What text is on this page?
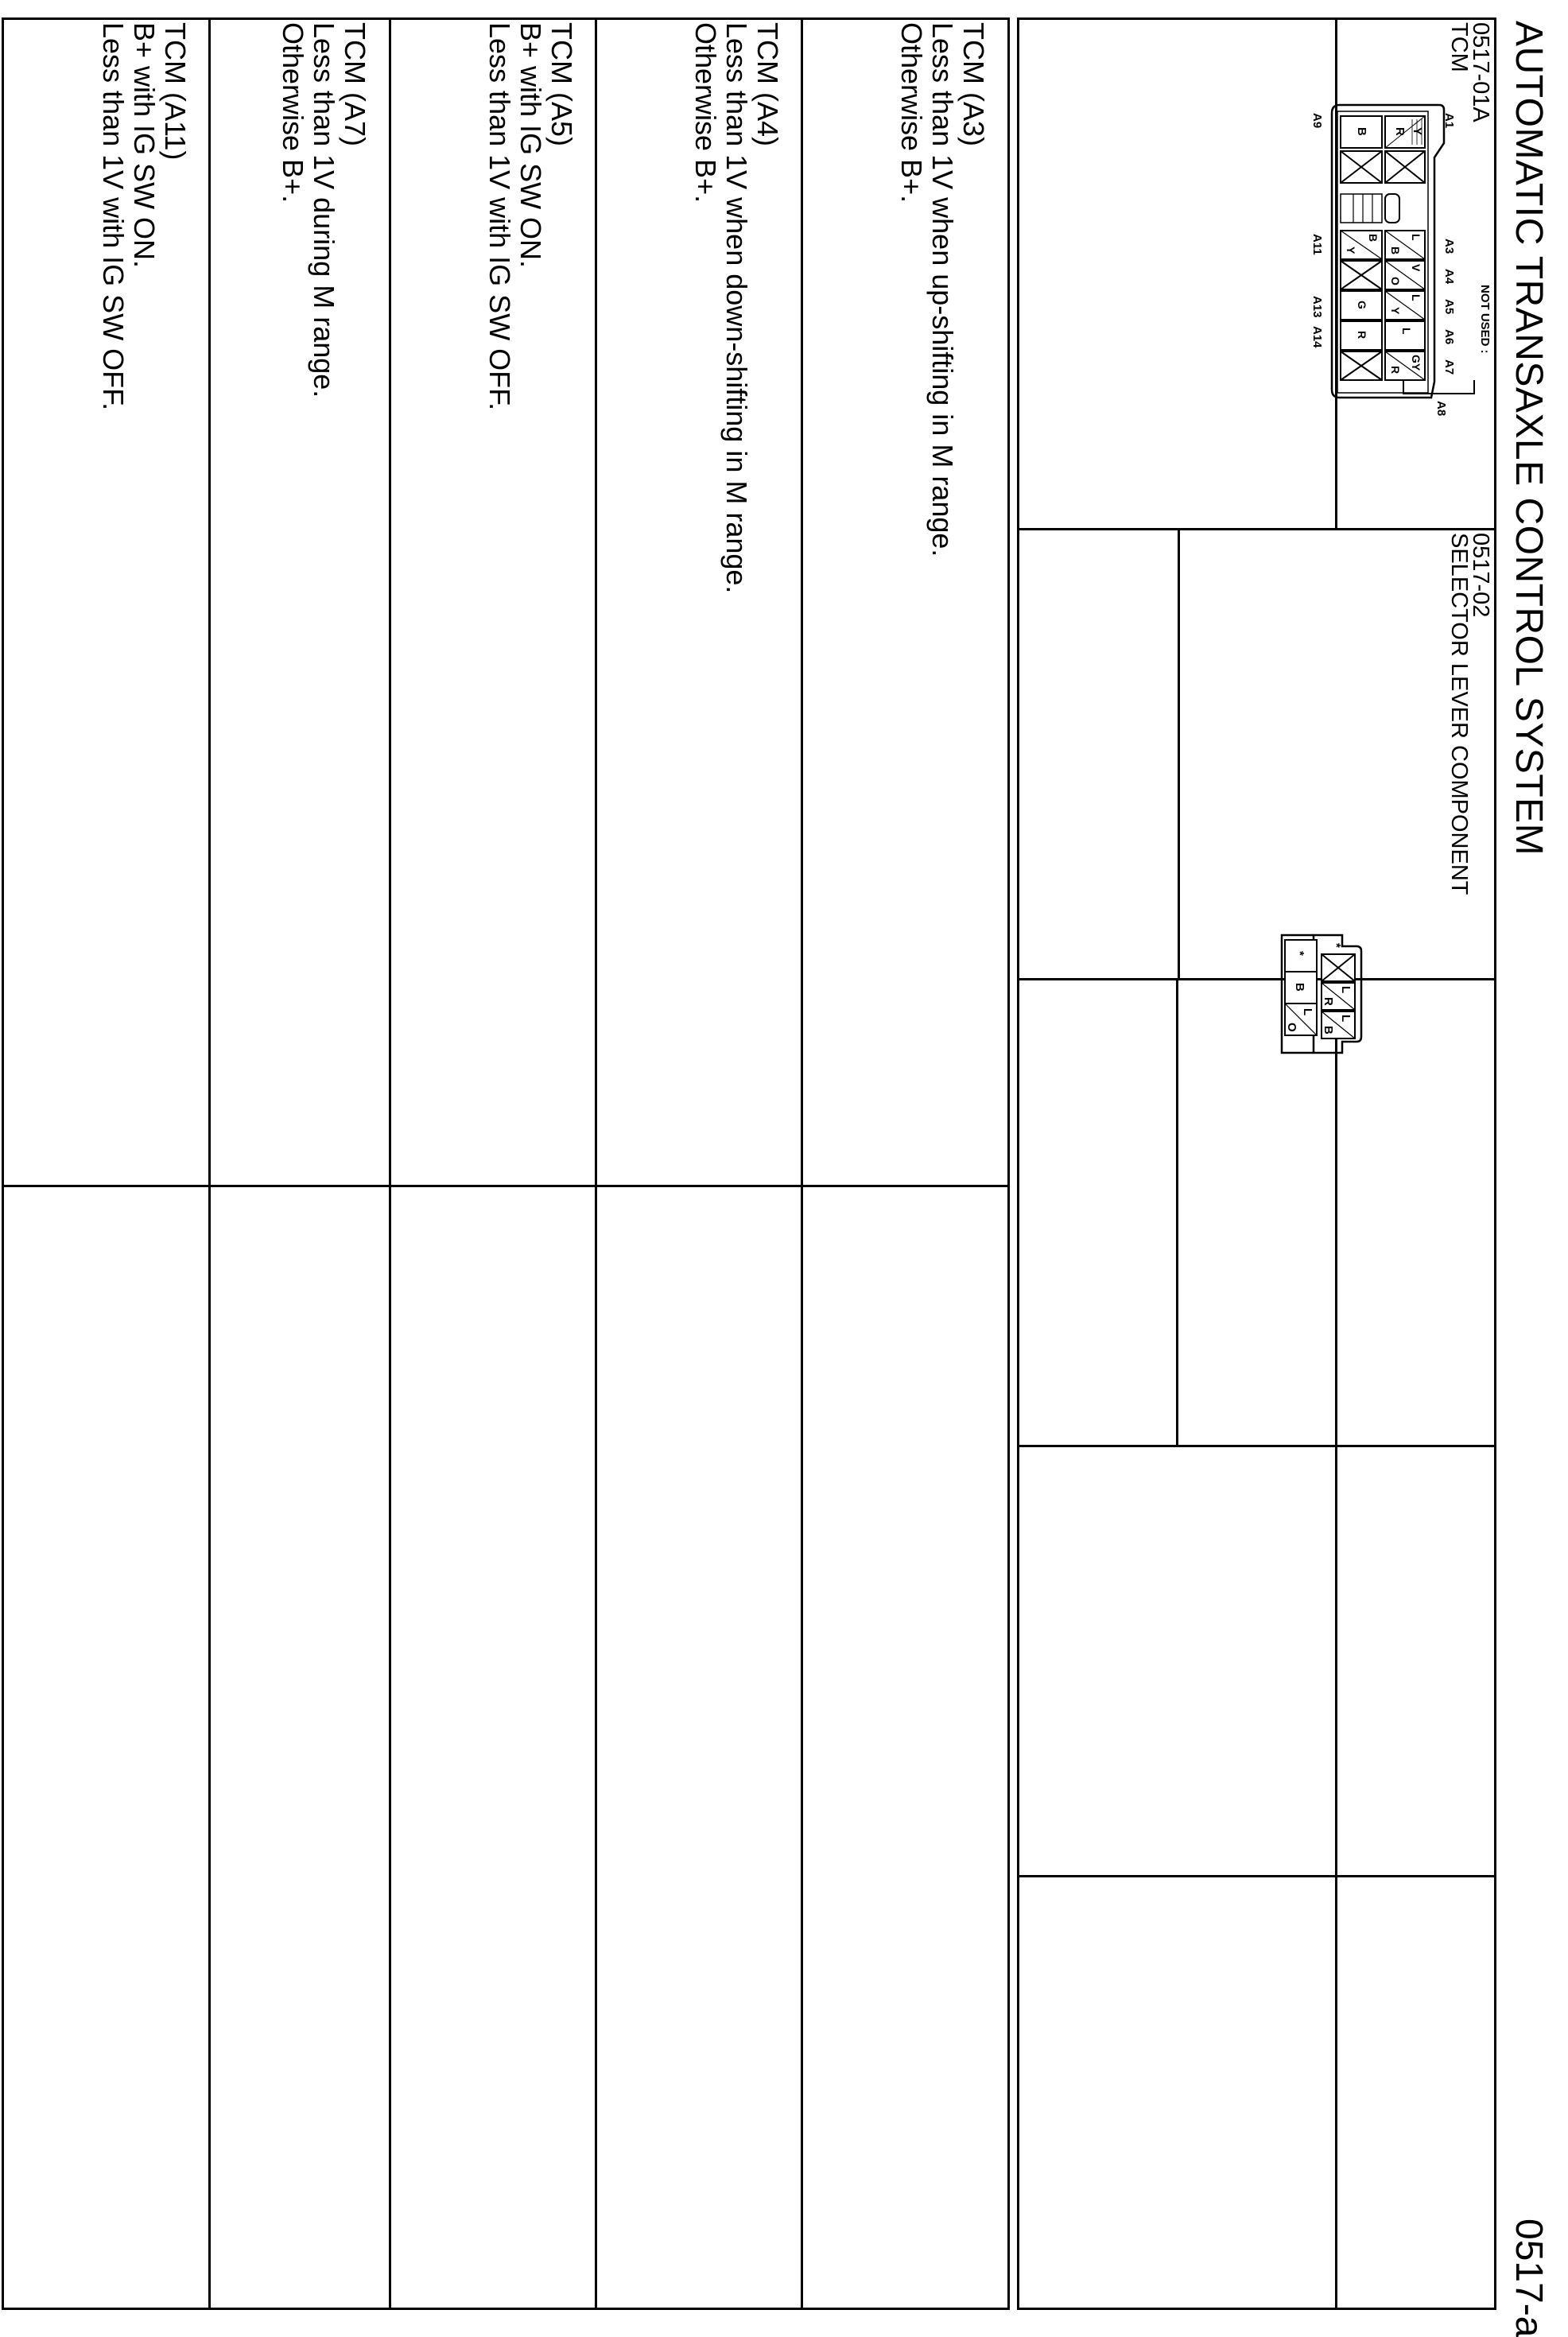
AUTOMATIC TRANSAXLE CONTROL SYSTEM
0517-a
0517-01A
TCM
0517-02
SELECTOR LEVER COMPONENT
NOT USED :
A1
A3
A4
A5
A6
A7
A8
Y
R
B
L
B
V
O
L
Y
L
GY
R
B
Y
G
R
A9
A11
A13
A14
*
L
R
L
B
*
B
L
O
TCM (A3)
Less than 1V when up-shifting in M range.
Otherwise B+.
TCM (A4)
Less than 1V when down-shifting in M range.
Otherwise B+.
TCM (A5)
B+ with IG SW ON.
Less than 1V with IG SW OFF.
TCM (A7)
Less than 1V during M range.
Otherwise B+.
TCM (A11)
B+ with IG SW ON.
Less than 1V with IG SW OFF.
